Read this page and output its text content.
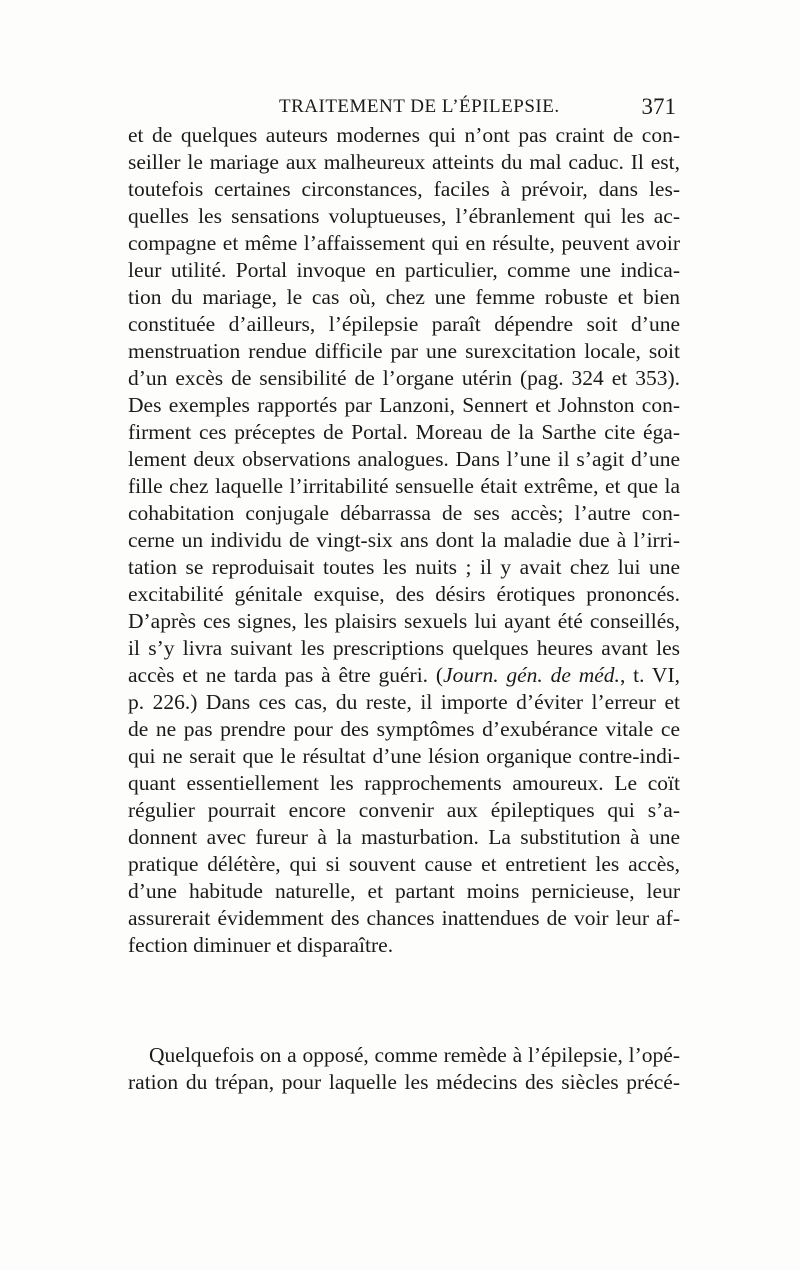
TRAITEMENT DE L’ÉPILEPSIE.	371
et de quelques auteurs modernes qui n’ont pas craint de con-
seiller le mariage aux malheureux atteints du mal caduc. Il est,
toutefois certaines circonstances, faciles à prévoir, dans les-
quelles les sensations voluptueuses, l’ébranlement qui les ac-
compagne et même l’affaissement qui en résulte, peuvent avoir
leur utilité. Portal invoque en particulier, comme une indica-
tion du mariage, le cas où, chez une femme robuste et bien
constituée d’ailleurs, l’épilepsie paraît dépendre soit d’une
menstruation rendue difficile par une surexcitation locale, soit
d’un excès de sensibilité de l’organe utérin (pag. 324 et 353).
Des exemples rapportés par Lanzoni, Sennert et Johnston con-
firment ces préceptes de Portal. Moreau de la Sarthe cite éga-
lement deux observations analogues. Dans l’une il s’agit d’une
fille chez laquelle l’irritabilité sensuelle était extrême, et que la
cohabitation conjugale débarrassa de ses accès; l’autre con-
cerne un individu de vingt-six ans dont la maladie due à l’irri-
tation se reproduisait toutes les nuits ; il y avait chez lui une
excitabilité génitale exquise, des désirs érotiques prononcés.
D’après ces signes, les plaisirs sexuels lui ayant été conseillés,
il s’y livra suivant les prescriptions quelques heures avant les
accès et ne tarda pas à être guéri. (Journ. gén. de méd., t. VI,
p. 226.) Dans ces cas, du reste, il importe d’éviter l’erreur et
de ne pas prendre pour des symptômes d’exubérance vitale ce
qui ne serait que le résultat d’une lésion organique contre-indi-
quant essentiellement les rapprochements amoureux. Le coït
régulier pourrait encore convenir aux épileptiques qui s’a-
donnent avec fureur à la masturbation. La substitution à une
pratique délétère, qui si souvent cause et entretient les accès,
d’une habitude naturelle, et partant moins pernicieuse, leur
assurerait évidemment des chances inattendues de voir leur af-
fection diminuer et disparaître.
Quelquefois on a opposé, comme remède à l’épilepsie, l’opé-
ration du trépan, pour laquelle les médecins des siècles précé-
